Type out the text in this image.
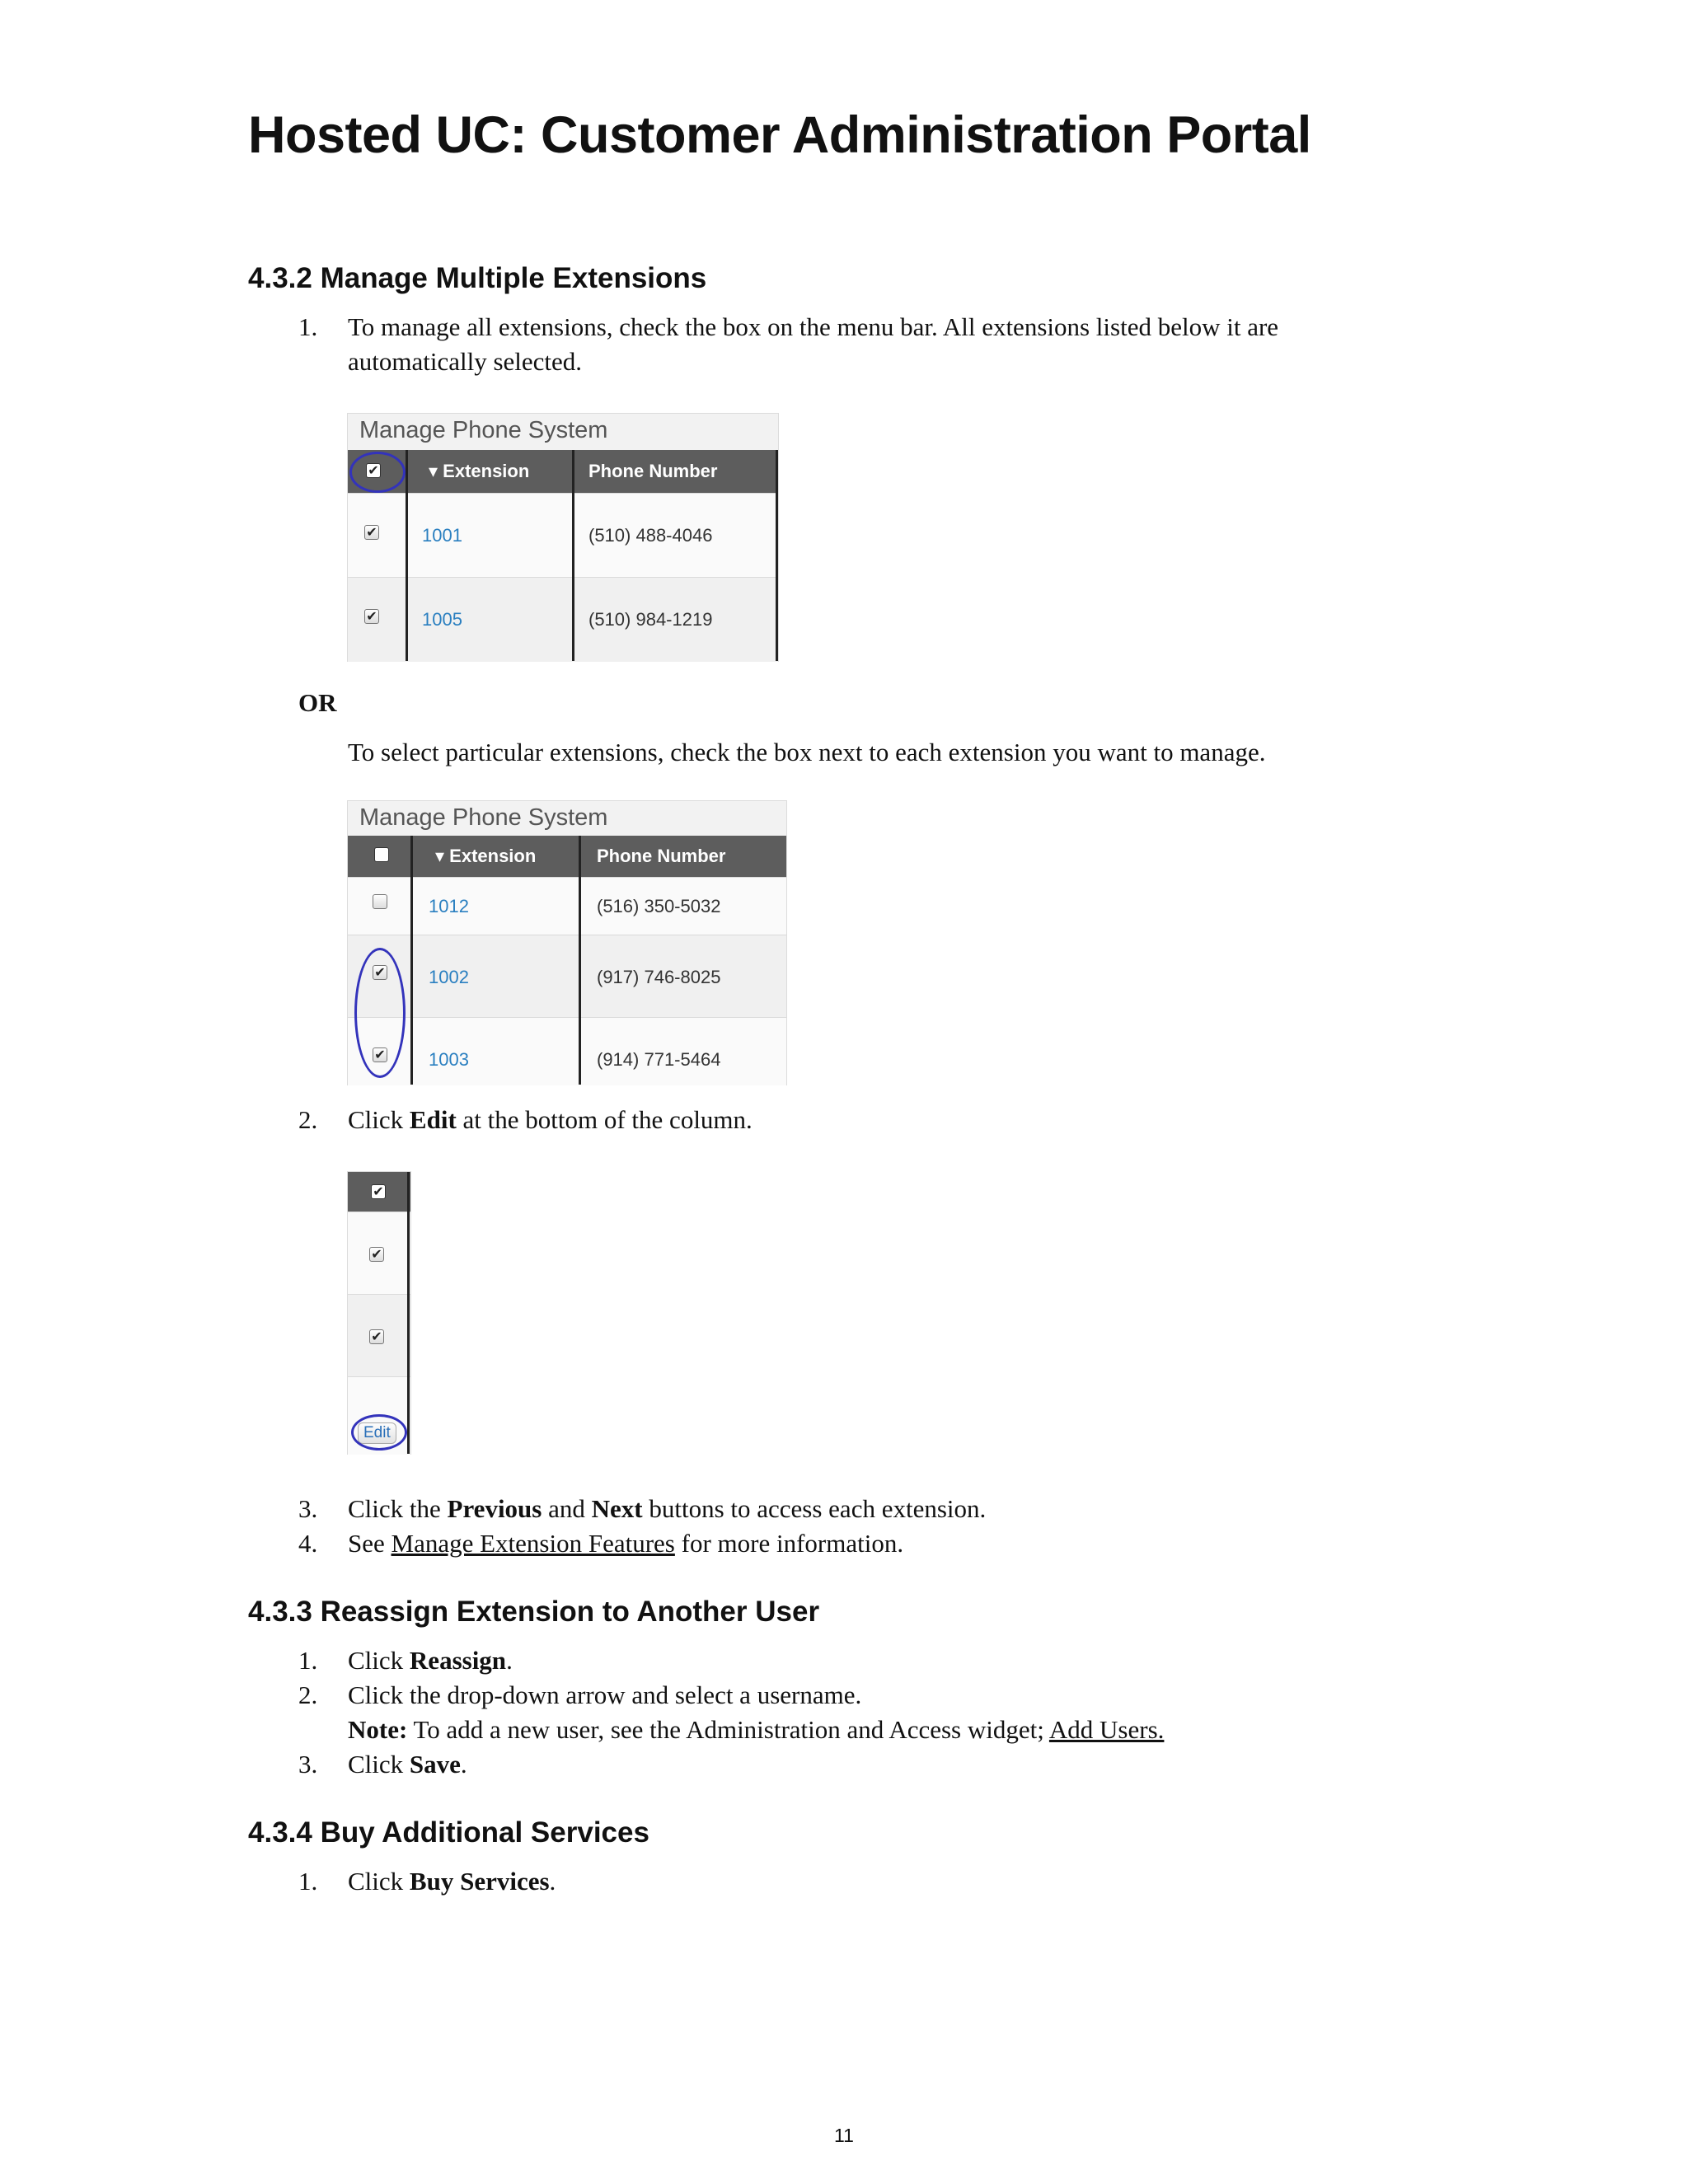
Hosted UC: Customer Administration Portal
4.3.2 Manage Multiple Extensions
1. To manage all extensions, check the box on the menu bar. All extensions listed below it are
automatically selected.
Manage Phone System
✔	▾ Extension	Phone Number
✔ 1001	(510) 488-4046
✔ 1005	(510) 984-1219
OR
To select particular extensions, check the box next to each extension you want to manage.
Manage Phone System
▾ Extension	Phone Number
1012	(516) 350-5032
✔ 1002	(917) 746-8025
✔ 1003	(914) 771-5464
2. Click Edit at the bottom of the column.
✔
✔
✔
Edit
3. Click the Previous and Next buttons to access each extension.
4. See Manage Extension Features for more information.
4.3.3 Reassign Extension to Another User
1. Click Reassign.
2. Click the drop-down arrow and select a username.
Note: To add a new user, see the Administration and Access widget; Add Users.
3. Click Save.
4.3.4 Buy Additional Services
1. Click Buy Services.
11
